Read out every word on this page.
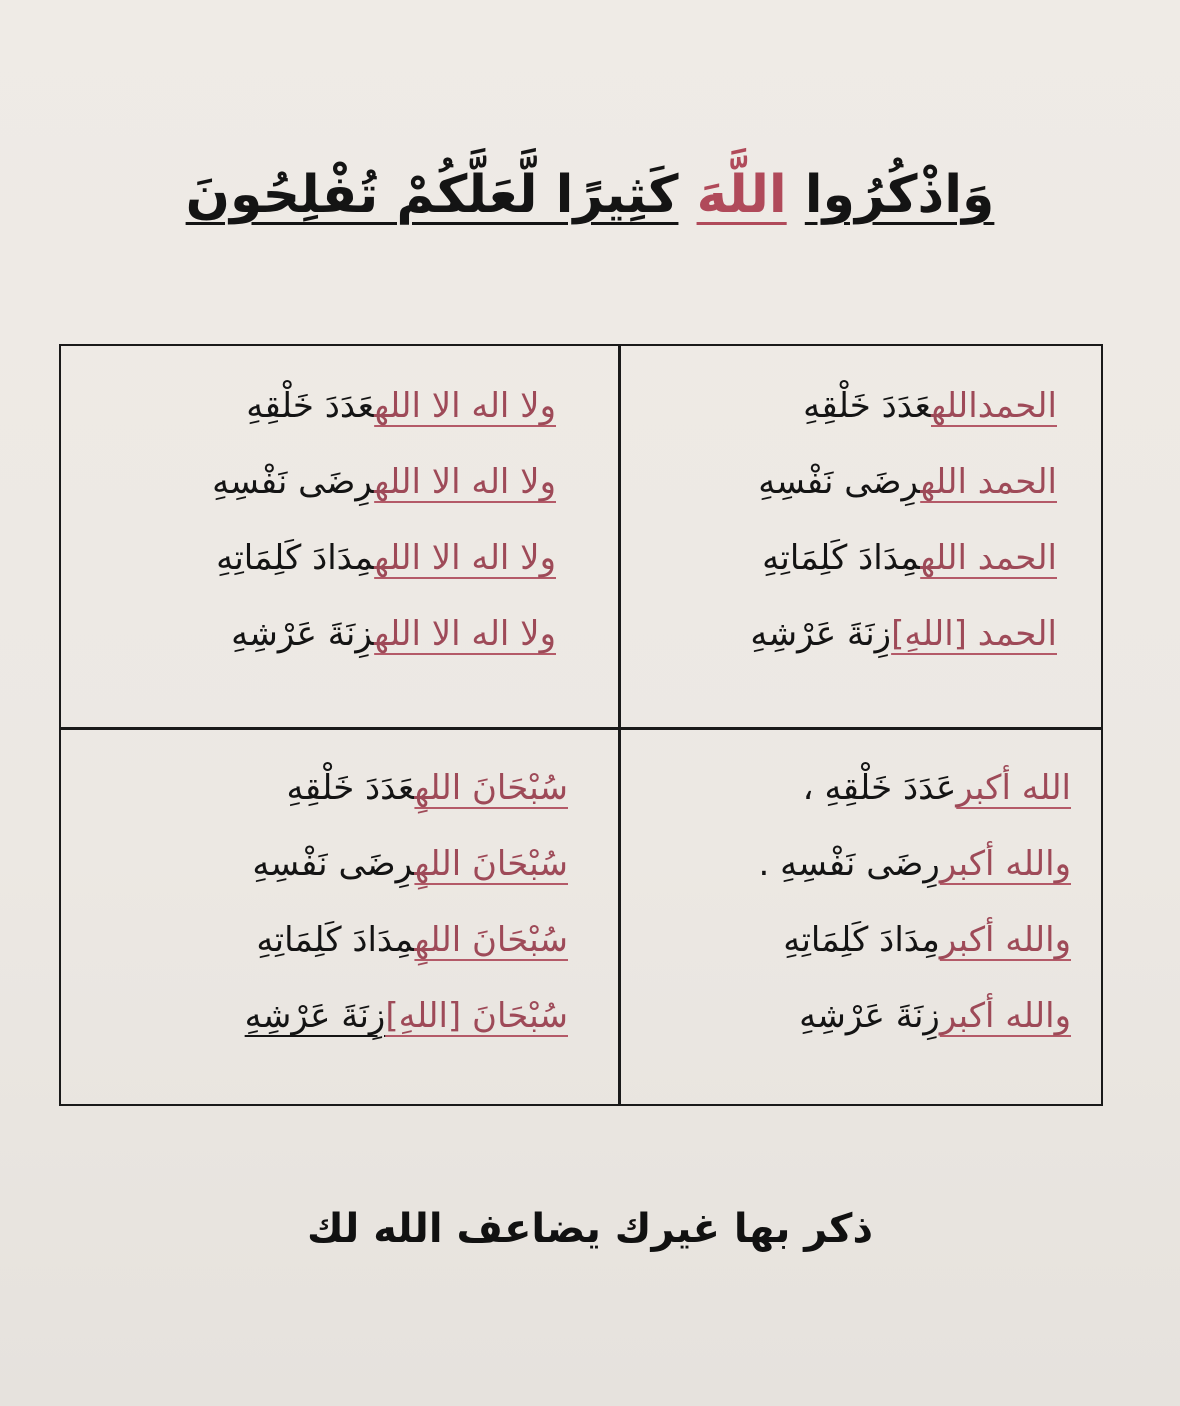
وَاذْكُرُوا اللَّهَ كَثِيرًا لَّعَلَّكُمْ تُفْلِحُونَ
الحمداللهعَدَدَ خَلْقِهِ
الحمد اللهرِضَى نَفْسِهِ
الحمد اللهمِدَادَ كَلِمَاتِهِ
الحمد [اللهِ]زِنَةَ عَرْشِهِ
ولا اله الا اللهعَدَدَ خَلْقِهِ
ولا اله الا اللهرِضَى نَفْسِهِ
ولا اله الا اللهمِدَادَ كَلِمَاتِهِ
ولا اله الا اللهزِنَةَ عَرْشِهِ
الله أكبرعَدَدَ خَلْقِهِ ،
والله أكبررِضَى نَفْسِهِ .
والله أكبرمِدَادَ كَلِمَاتِهِ
والله أكبرزِنَةَ عَرْشِهِ
سُبْحَانَ اللهِعَدَدَ خَلْقِهِ
سُبْحَانَ اللهِرِضَى نَفْسِهِ
سُبْحَانَ اللهِمِدَادَ كَلِمَاتِهِ
سُبْحَانَ [اللهِ]زِنَةَ عَرْشِهِ
ذكر بها غيرك يضاعف الله لك
